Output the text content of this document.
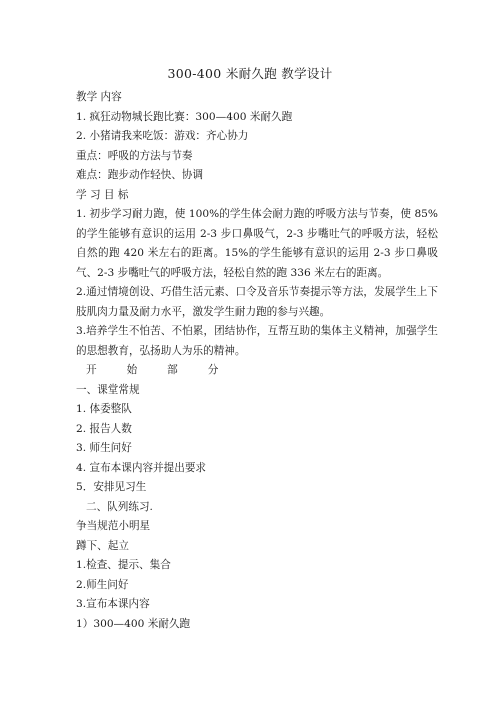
300-400 米耐久跑 教学设计
教学 内容
1. 疯狂动物城长跑比赛：300—400 米耐久跑
2. 小猪请我来吃饭：游戏：齐心协力
重点：呼吸的方法与节奏
难点：跑步动作轻快、协调
学 习 目 标
1. 初步学习耐力跑，使 100%的学生体会耐力跑的呼吸方法与节奏，使 85%的学生能够有意识的运用 2-3 步口鼻吸气，2-3 步嘴吐气的呼吸方法，轻松自然的跑 420 米左右的距离。15%的学生能够有意识的运用 2-3 步口鼻吸气、2-3 步嘴吐气的呼吸方法，轻松自然的跑 336 米左右的距离。
2.通过情境创设、巧借生活元素、口令及音乐节奏提示等方法，发展学生上下肢肌肉力量及耐力水平，激发学生耐力跑的参与兴趣。
3.培养学生不怕苦、不怕累，团结协作，互帮互助的集体主义精神，加强学生的思想教育，弘扬助人为乐的精神。
开始部分
一、课堂常规
1. 体委整队
2. 报告人数
3. 师生问好
4. 宣布本课内容并提出要求
5．安排见习生
二、队列练习.
争当规范小明星
蹲下、起立
1.检查、提示、集合
2.师生问好
3.宣布本课内容
1）300—400 米耐久跑
